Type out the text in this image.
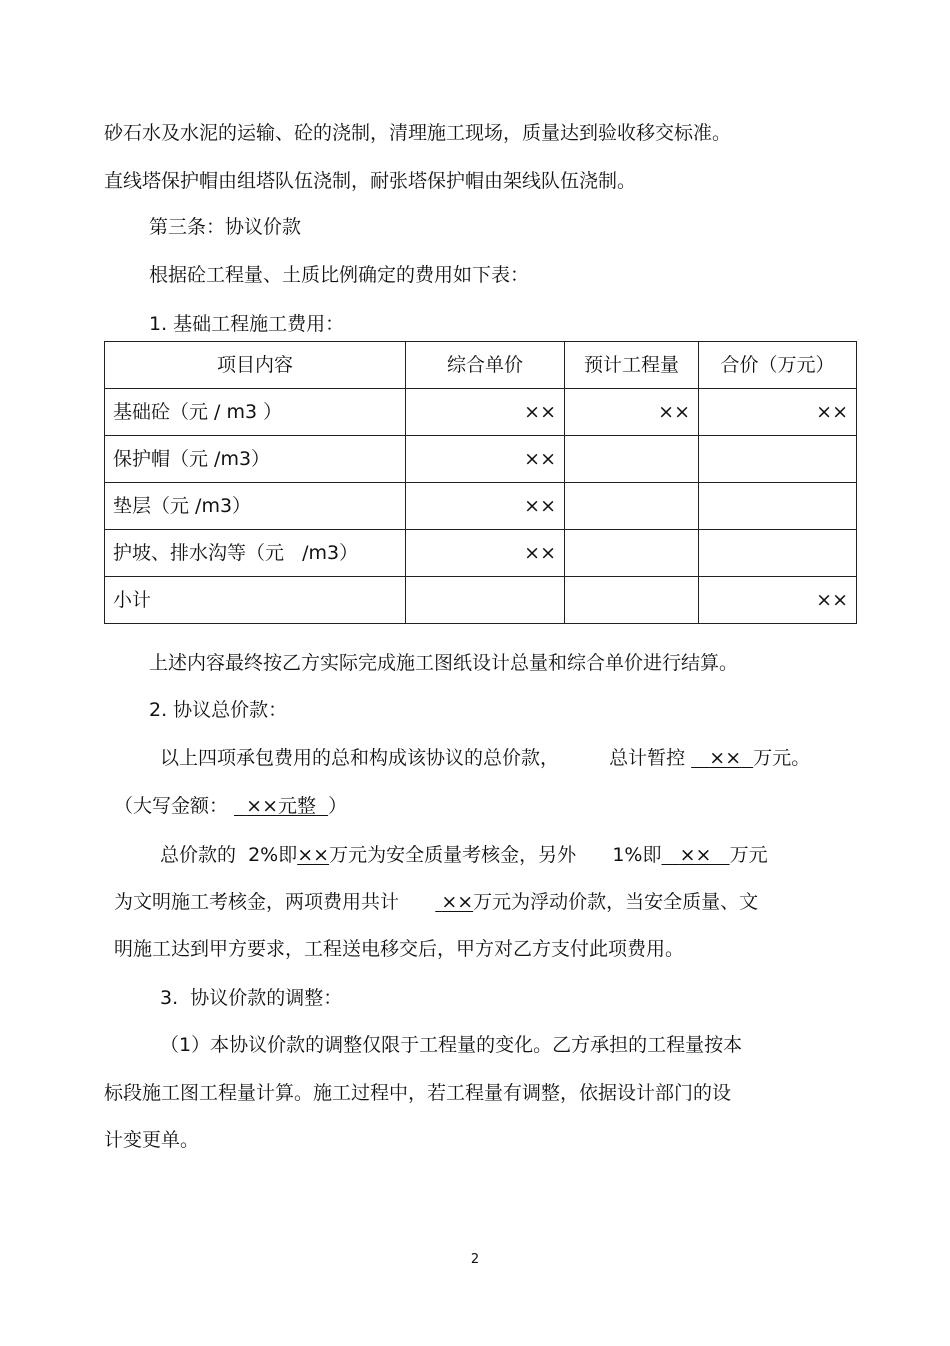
砂石水及水泥的运输、砼的浇制，清理施工现场，质量达到验收移交标准。
直线塔保护帽由组塔队伍浇制，耐张塔保护帽由架线队伍浇制。
第三条：协议价款
根据砼工程量、土质比例确定的费用如下表：
1. 基础工程施工费用：
项目内容	综合单价	预计工程量	合价（万元）
基础砼（元 / m3 ）	××	××	××
保护帽（元 /m3）	××		
垫层（元 /m3）	××		
护坡、排水沟等（元   /m3）	××		
小计			××
上述内容最终按乙方实际完成施工图纸设计总量和综合单价进行结算。
2. 协议总价款：
以上四项承包费用的总和构成该协议的总价款，	总计暂控 ×× 万元。
（大写金额： ××元整 ）
总价款的  2%即××万元为安全质量考核金，另外 1%即 ×× 万元
为文明施工考核金，两项费用共计 ××万元为浮动价款，当安全质量、文
明施工达到甲方要求，工程送电移交后，甲方对乙方支付此项费用。
3.  协议价款的调整：
（1）本协议价款的调整仅限于工程量的变化。乙方承担的工程量按本
标段施工图工程量计算。施工过程中，若工程量有调整，依据设计部门的设
计变更单。
2
